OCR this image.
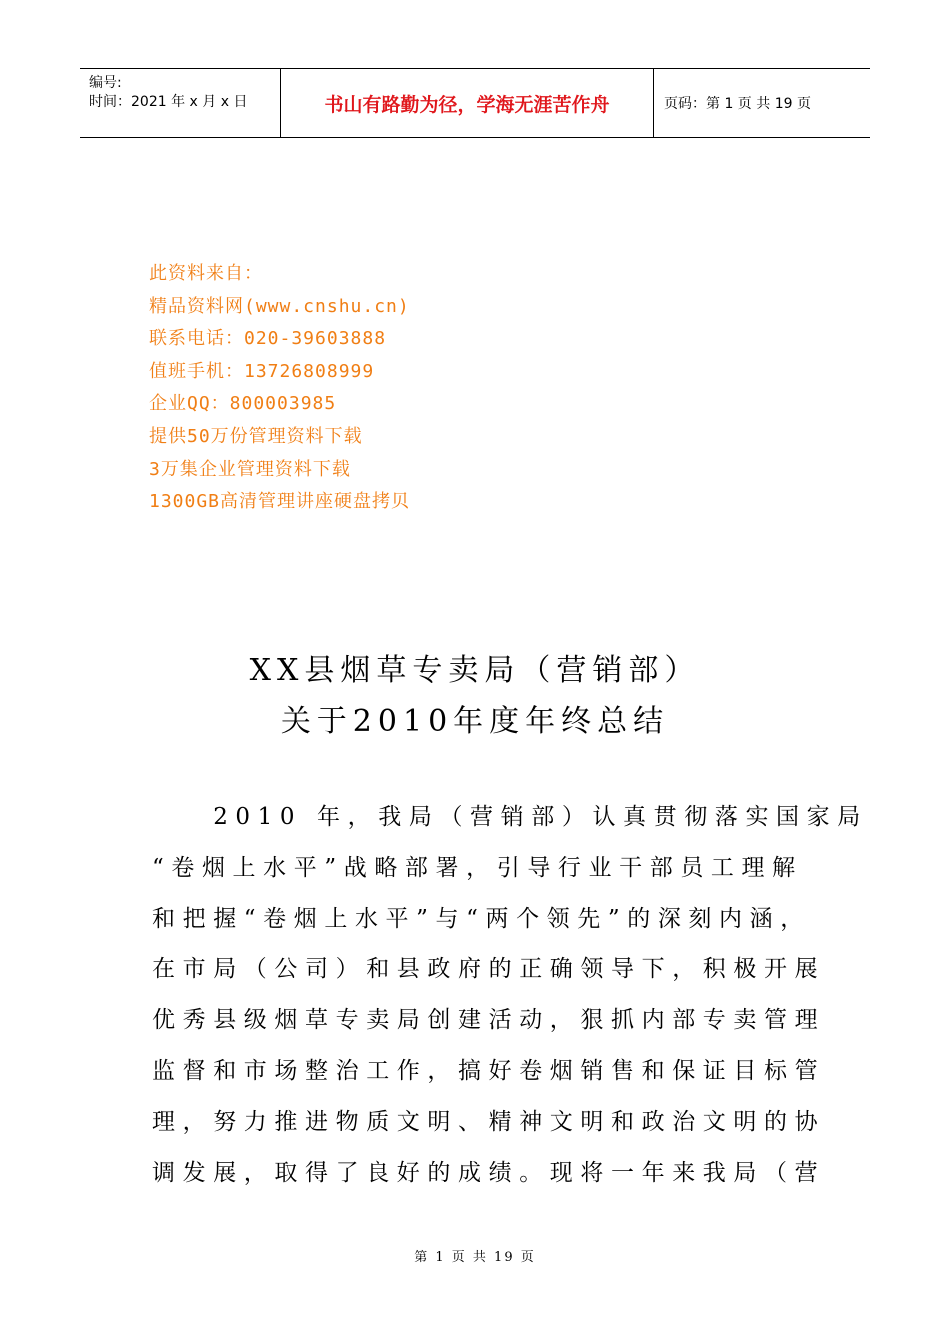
编号:
时间：2021 年 x 月 x 日	书山有路勤为径，学海无涯苦作舟	页码：第 1 页 共 19 页
此资料来自：
精品资料网(www.cnshu.cn)
联系电话：020-39603888
值班手机：13726808999
企业QQ：800003985
提供50万份管理资料下载
3万集企业管理资料下载
1300GB高清管理讲座硬盘拷贝
XX县烟草专卖局（营销部）
关于2010年度年终总结
　　2010 年，我局（营销部）认真贯彻落实国家局
“卷烟上水平”战略部署，引导行业干部员工理解
和把握“卷烟上水平”与“两个领先”的深刻内涵，
在市局（公司）和县政府的正确领导下，积极开展
优秀县级烟草专卖局创建活动，狠抓内部专卖管理
监督和市场整治工作，搞好卷烟销售和保证目标管
理，努力推进物质文明、精神文明和政治文明的协
调发展，取得了良好的成绩。现将一年来我局（营
第 1 页 共 19 页
